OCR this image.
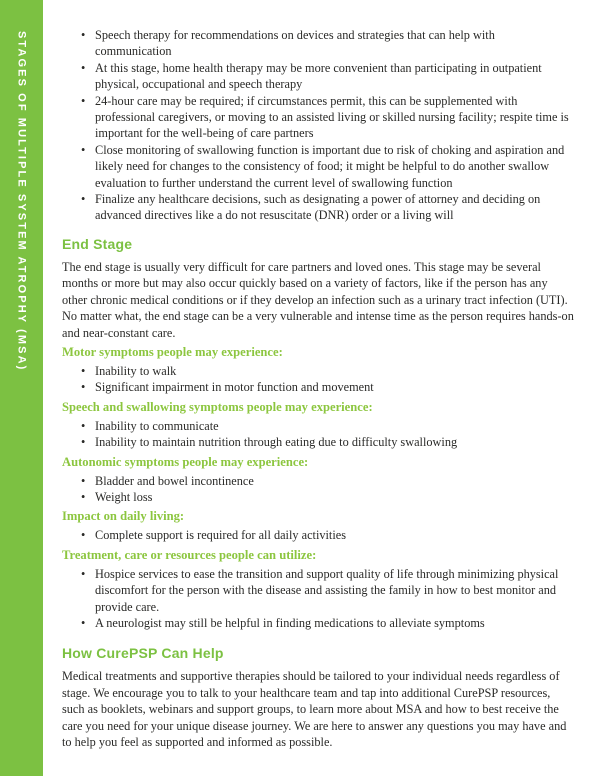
STAGES OF MULTIPLE SYSTEM ATROPHY (MSA)	• Speech therapy for recommendations on devices and strategies that can help with communication
• At this stage, home health therapy may be more convenient than participating in outpatient physical, occupational and speech therapy
• 24-hour care may be required; if circumstances permit, this can be supplemented with professional caregivers, or moving to an assisted living or skilled nursing facility; respite time is important for the well-being of care partners
• Close monitoring of swallowing function is important due to risk of choking and aspiration and likely need for changes to the consistency of food; it might be helpful to do another swallow evaluation to further understand the current level of swallowing function
• Finalize any healthcare decisions, such as designating a power of attorney and deciding on advanced directives like a do not resuscitate (DNR) order or a living will
End Stage

The end stage is usually very difficult for care partners and loved ones. This stage may be several months or more but may also occur quickly based on a variety of factors, like if the person has any other chronic medical conditions or if they develop an infection such as a urinary tract infection (UTI). No matter what, the end stage can be a very vulnerable and intense time as the person requires hands-on and near-constant care.

Motor symptoms people may experience:
• Inability to walk
• Significant impairment in motor function and movement
Speech and swallowing symptoms people may experience:
• Inability to communicate
• Inability to maintain nutrition through eating due to difficulty swallowing
Autonomic symptoms people may experience:
• Bladder and bowel incontinence
• Weight loss
Impact on daily living:
• Complete support is required for all daily activities
Treatment, care or resources people can utilize:
• Hospice services to ease the transition and support quality of life through minimizing physical discomfort for the person with the disease and assisting the family in how to best monitor and provide care.
• A neurologist may still be helpful in finding medications to alleviate symptoms
How CurePSP Can Help

Medical treatments and supportive therapies should be tailored to your individual needs regardless of stage. We encourage you to talk to your healthcare team and tap into additional CurePSP resources, such as booklets, webinars and support groups, to learn more about MSA and how to best receive the care you need for your unique disease journey. We are here to answer any questions you may have and to help you feel as supported and informed as possible.
